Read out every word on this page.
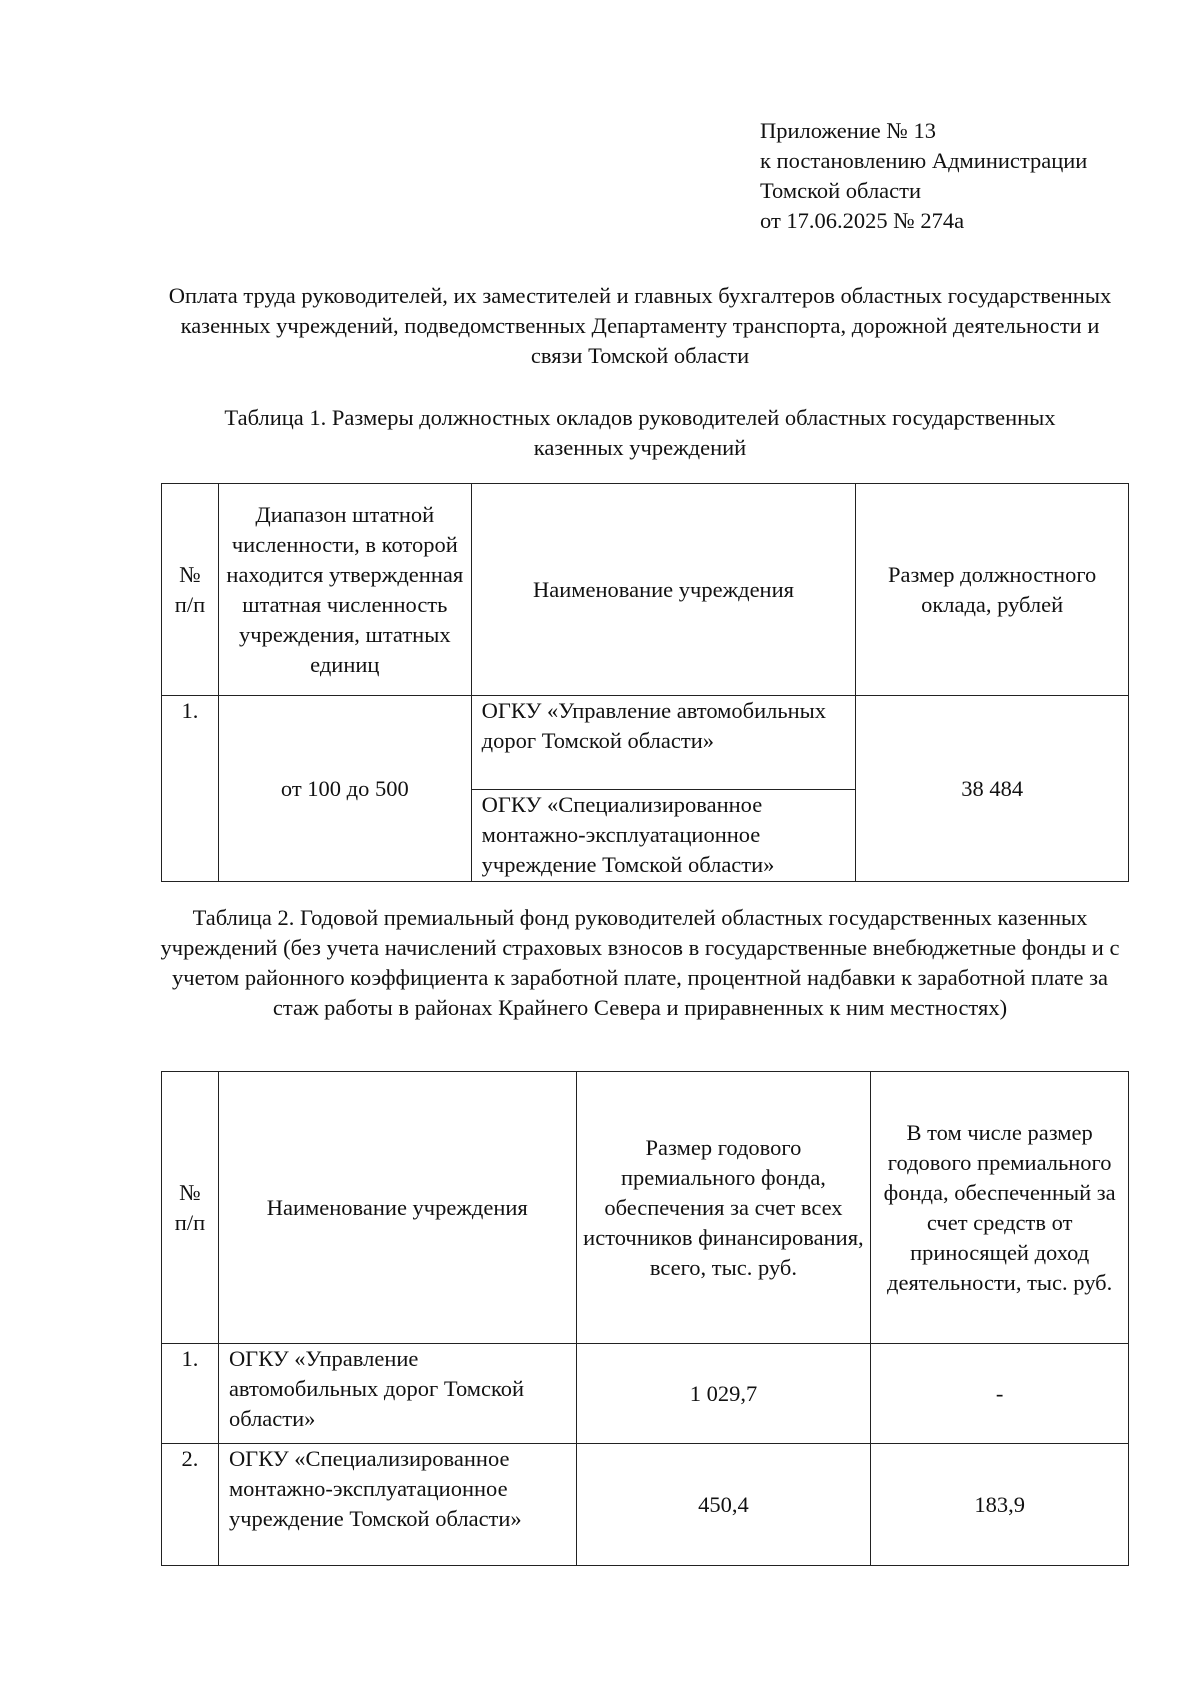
Приложение № 13
к постановлению Администрации
Томской области
от 17.06.2025 № 274а
Оплата труда руководителей, их заместителей и главных бухгалтеров областных государственных казенных учреждений, подведомственных Департаменту транспорта, дорожной деятельности и связи Томской области
Таблица 1. Размеры должностных окладов руководителей областных государственных казенных учреждений
№ п/п	Диапазон штатной численности, в которой находится утвержденная штатная численность учреждения, штатных единиц	Наименование учреждения	Размер должностного оклада, рублей
1.	от 100 до 500	ОГКУ «Управление автомобильных дорог Томской области»	38 484
		ОГКУ «Специализированное монтажно-эксплуатационное учреждение Томской области»	
Таблица 2. Годовой премиальный фонд руководителей областных государственных казенных учреждений (без учета начислений страховых взносов в государственные внебюджетные фонды и с учетом районного коэффициента к заработной плате, процентной надбавки к заработной плате за стаж работы в районах Крайнего Севера и приравненных к ним местностях)
№ п/п	Наименование учреждения	Размер годового премиального фонда, обеспечения за счет всех источников финансирования, всего, тыс. руб.	В том числе размер годового премиального фонда, обеспеченный за счет средств от приносящей доход деятельности, тыс. руб.
1.	ОГКУ «Управление автомобильных дорог Томской области»	1 029,7	-
2.	ОГКУ «Специализированное монтажно-эксплуатационное учреждение Томской области»	450,4	183,9
